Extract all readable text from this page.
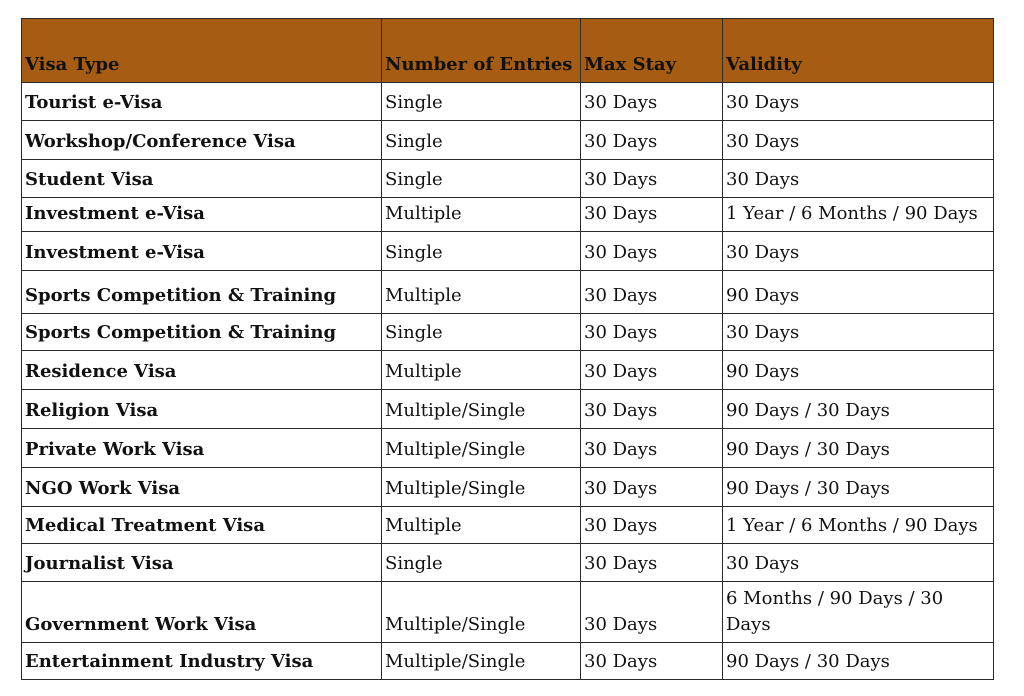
Visa Type	Number of Entries	Max Stay	Validity
Tourist e-Visa	Single	30 Days	30 Days
Workshop/Conference Visa	Single	30 Days	30 Days
Student Visa	Single	30 Days	30 Days
Investment e-Visa	Multiple	30 Days	1 Year / 6 Months / 90 Days
Investment e-Visa	Single	30 Days	30 Days
Sports Competition & Training	Multiple	30 Days	90 Days
Sports Competition & Training	Single	30 Days	30 Days
Residence Visa	Multiple	30 Days	90 Days
Religion Visa	Multiple/Single	30 Days	90 Days / 30 Days
Private Work Visa	Multiple/Single	30 Days	90 Days / 30 Days
NGO Work Visa	Multiple/Single	30 Days	90 Days / 30 Days
Medical Treatment Visa	Multiple	30 Days	1 Year / 6 Months / 90 Days
Journalist Visa	Single	30 Days	30 Days
Government Work Visa	Multiple/Single	30 Days	6 Months / 90 Days / 30 Days
Entertainment Industry Visa	Multiple/Single	30 Days	90 Days / 30 Days
